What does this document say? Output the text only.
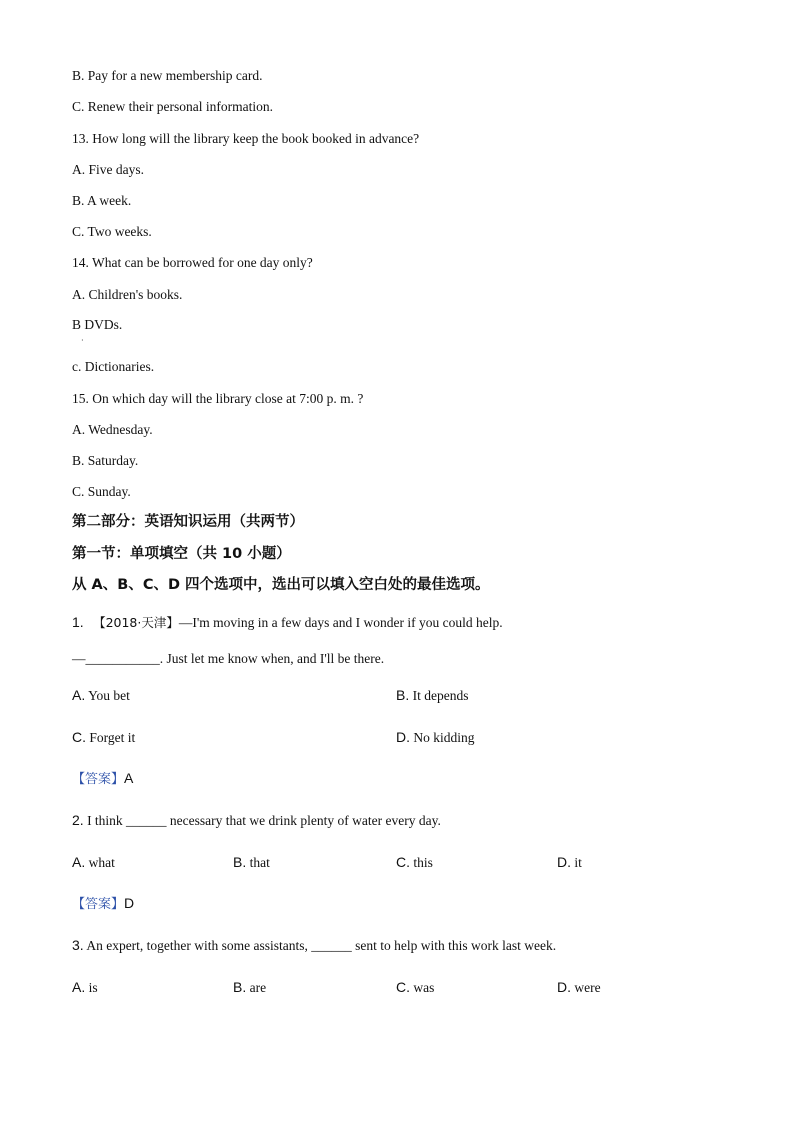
B. Pay for a new membership card.
C. Renew their personal information.
13. How long will the library keep the book booked in advance?
A. Five days.
B. A week.
C. Two weeks.
14. What can be borrowed for one day only?
A. Children's books.
B DVDs.
·
c. Dictionaries.
15. On which day will the library close at 7:00 p. m. ?
A. Wednesday.
B. Saturday.
C. Sunday.
第二部分：英语知识运用（共两节）
第一节：单项填空（共 10 小题）
从 A、B、C、D 四个选项中，选出可以填入空白处的最佳选项。
1. 【2018·天津】—I'm moving in a few days and I wonder if you could help.
—___________. Just let me know when, and I'll be there.
A. You bet	B. It depends
C. Forget it	D. No kidding
【答案】A
2. I think ______ necessary that we drink plenty of water every day.
A. what	B. that	C. this	D. it
【答案】D
3. An expert, together with some assistants, ______ sent to help with this work last week.
A. is	B. are	C. was	D. were
